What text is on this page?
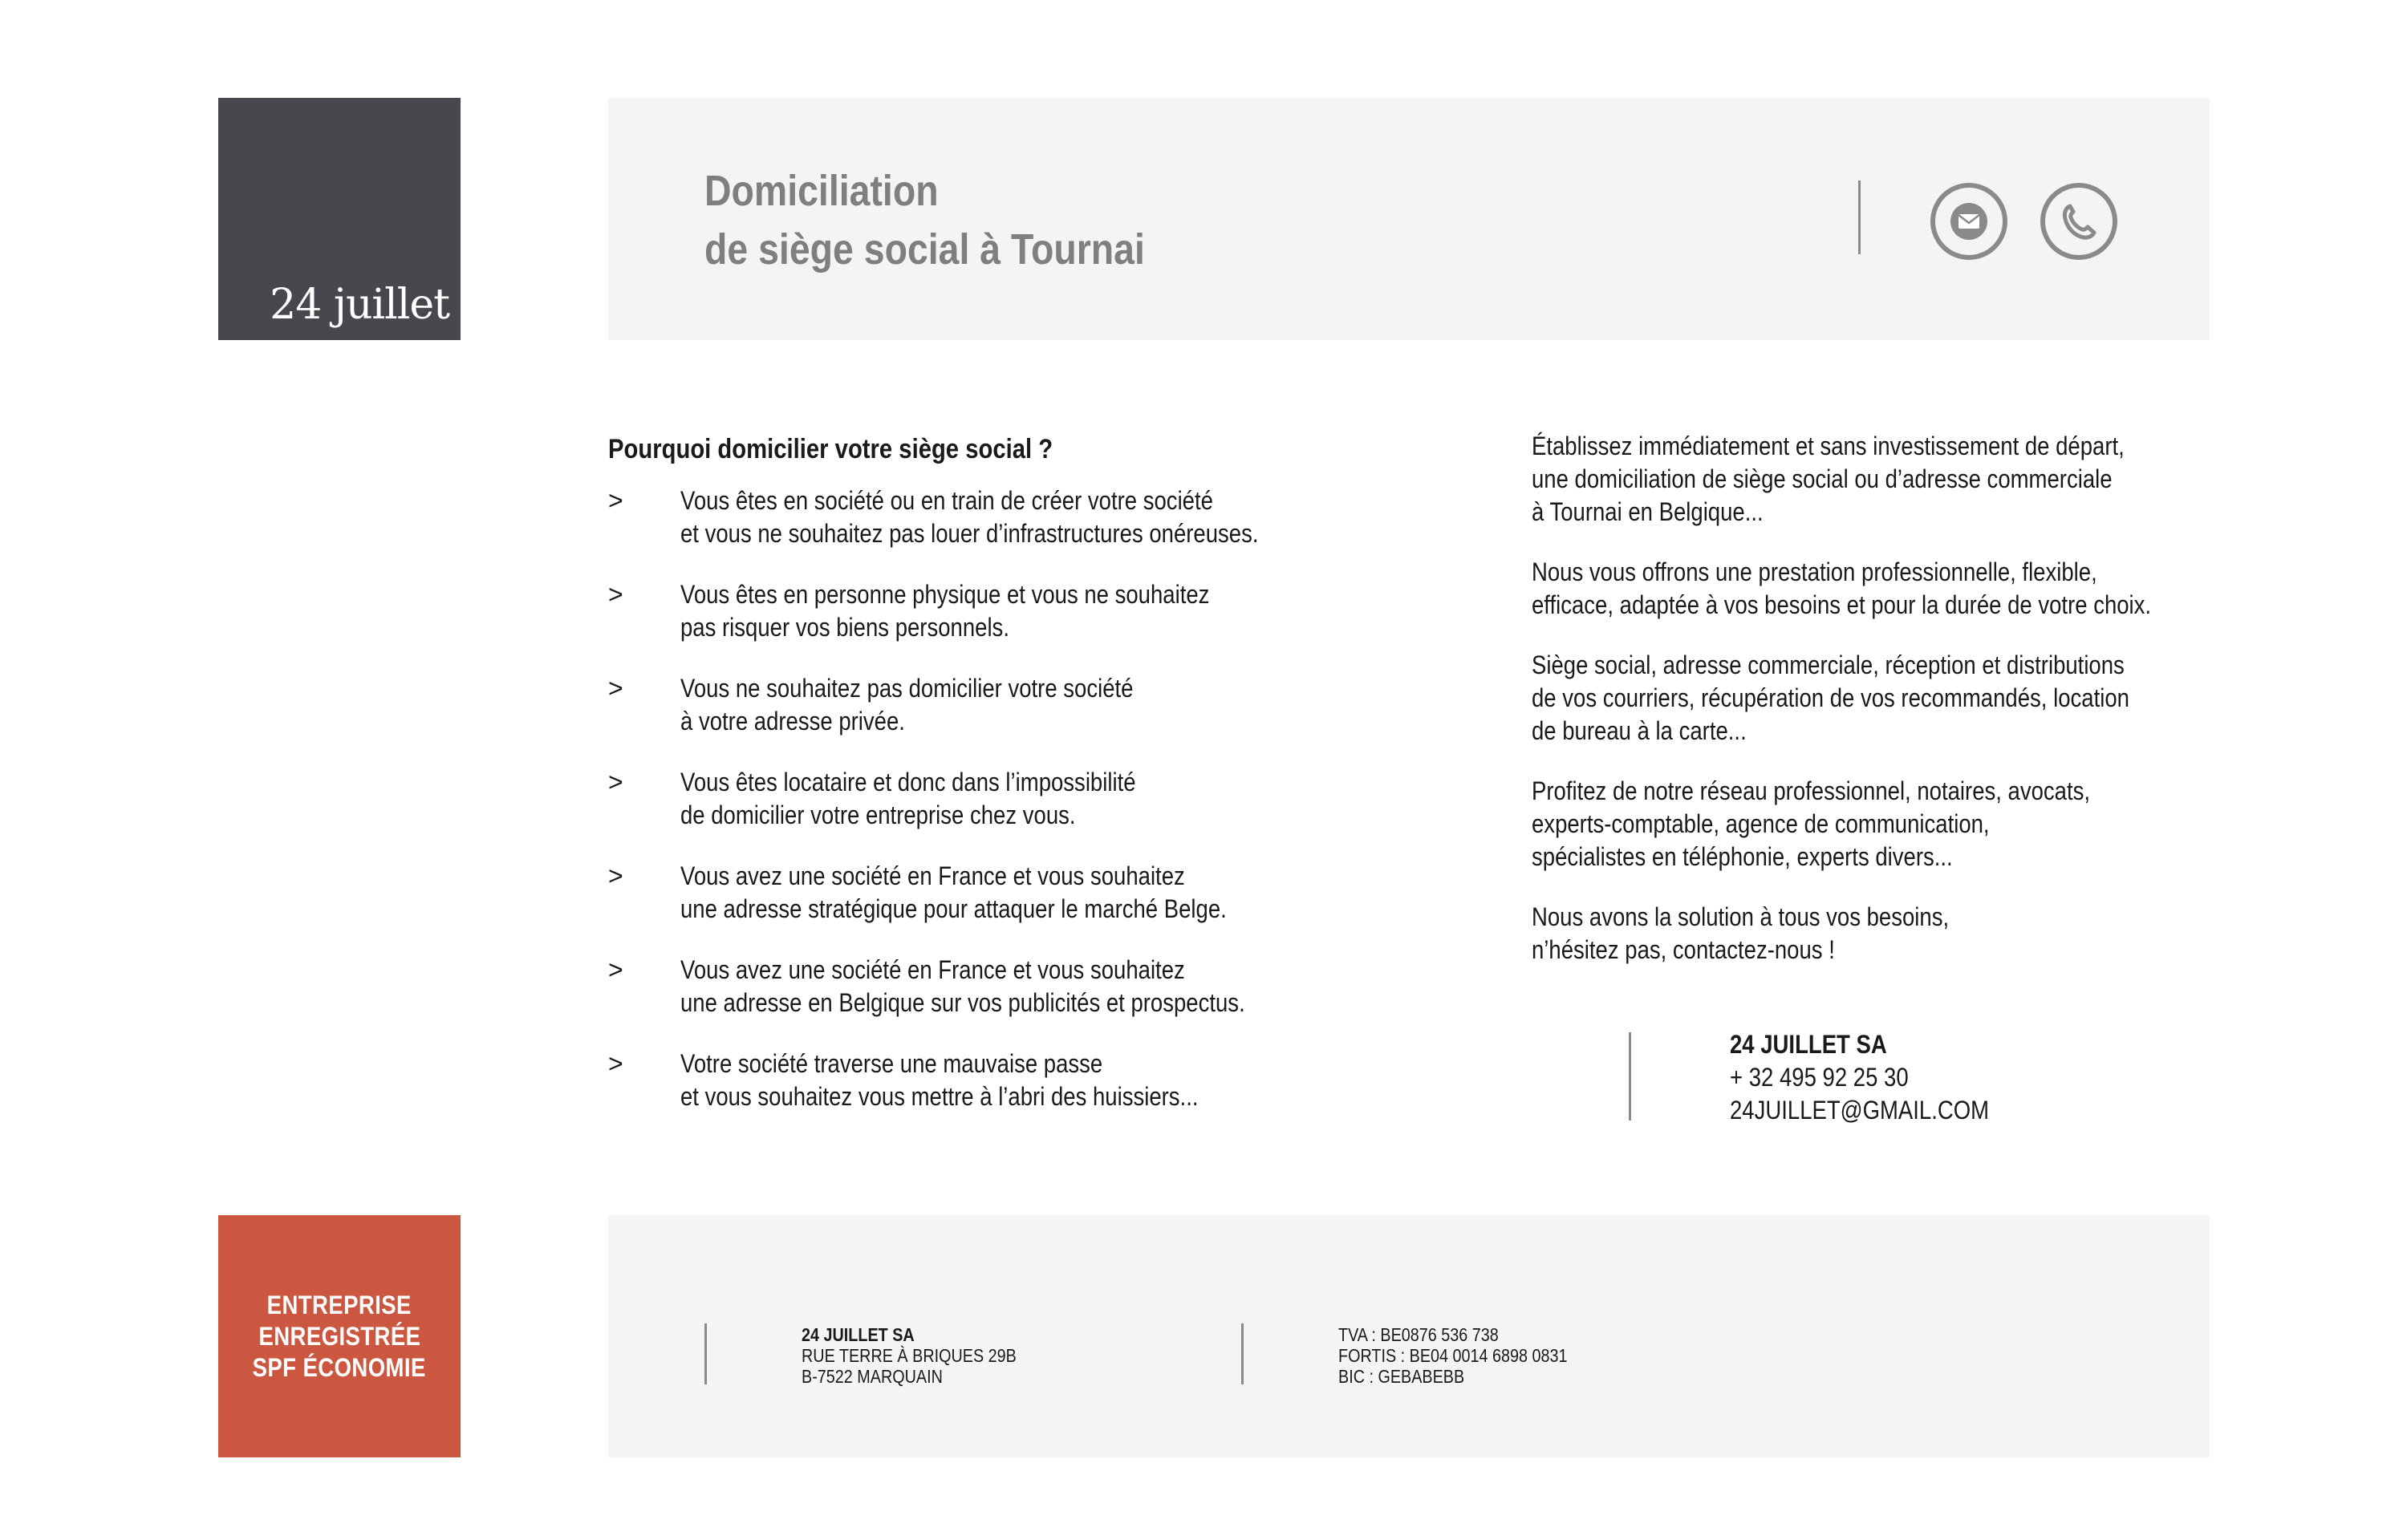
24 juillet
Domiciliation
de siège social à Tournai
Pourquoi domicilier votre siège social ?
> Vous êtes en société ou en train de créer votre société
et vous ne souhaitez pas louer d’infrastructures onéreuses.
> Vous êtes en personne physique et vous ne souhaitez
pas risquer vos biens personnels.
> Vous ne souhaitez pas domicilier votre société
à votre adresse privée.
> Vous êtes locataire et donc dans l’impossibilité
de domicilier votre entreprise chez vous.
> Vous avez une société en France et vous souhaitez
une adresse stratégique pour attaquer le marché Belge.
> Vous avez une société en France et vous souhaitez
une adresse en Belgique sur vos publicités et prospectus.
> Votre société traverse une mauvaise passe
et vous souhaitez vous mettre à l’abri des huissiers...

Établissez immédiatement et sans investissement de départ,
une domiciliation de siège social ou d’adresse commerciale
à Tournai en Belgique...

Nous vous offrons une prestation professionnelle, flexible,
efficace, adaptée à vos besoins et pour la durée de votre choix.

Siège social, adresse commerciale, réception et distributions
de vos courriers, récupération de vos recommandés, location
de bureau à la carte...

Profitez de notre réseau professionnel, notaires, avocats,
experts-comptable, agence de communication,
spécialistes en téléphonie, experts divers...

Nous avons la solution à tous vos besoins,
n’hésitez pas, contactez-nous !

24 JUILLET SA
+ 32 495 92 25 30
24JUILLET@GMAIL.COM
ENTREPRISE
ENREGISTRÉE
SPF ÉCONOMIE
24 JUILLET SA
RUE TERRE À BRIQUES 29B
B-7522 MARQUAIN
TVA : BE0876 536 738
FORTIS : BE04 0014 6898 0831
BIC : GEBABEBB
